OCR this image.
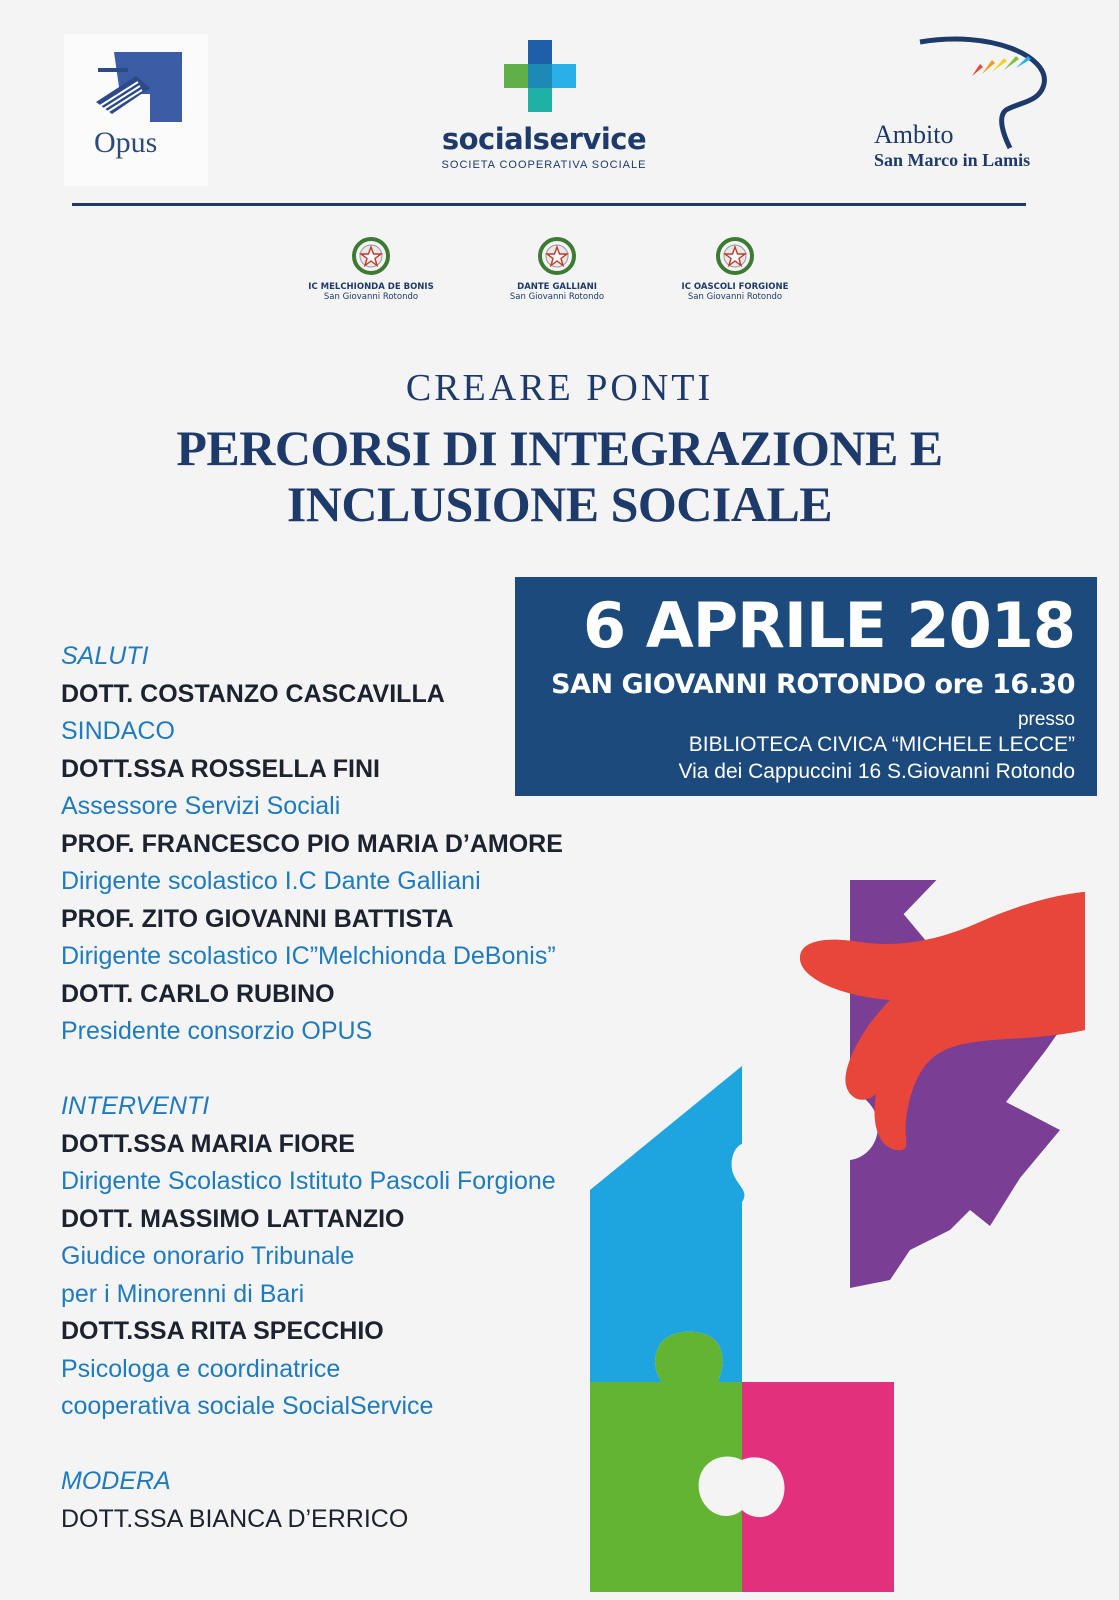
Opus	socialservice
SOCIETA COOPERATIVA SOCIALE
Ambito
San Marco in Lamis
IC MELCHIONDA DE BONIS
San Giovanni Rotondo
DANTE GALLIANI
San Giovanni Rotondo
IC OASCOLI FORGIONE
San Giovanni Rotondo
CREARE PONTI
PERCORSI DI INTEGRAZIONE E
INCLUSIONE SOCIALE
6 APRILE 2018
SAN GIOVANNI ROTONDO ore 16.30
presso
BIBLIOTECA CIVICA “MICHELE LECCE”
Via dei Cappuccini 16 S.Giovanni Rotondo
SALUTI
DOTT. COSTANZO CASCAVILLA
SINDACO
DOTT.SSA ROSSELLA FINI
Assessore Servizi Sociali
PROF. FRANCESCO PIO MARIA D’AMORE
Dirigente scolastico I.C Dante Galliani
PROF. ZITO GIOVANNI BATTISTA
Dirigente scolastico IC”Melchionda DeBonis”
DOTT. CARLO RUBINO
Presidente consorzio OPUS
INTERVENTI
DOTT.SSA MARIA FIORE
Dirigente Scolastico Istituto Pascoli Forgione
DOTT. MASSIMO LATTANZIO
Giudice onorario Tribunale
per i Minorenni di Bari
DOTT.SSA RITA SPECCHIO
Psicologa e coordinatrice
cooperativa sociale SocialService
MODERA
DOTT.SSA BIANCA D’ERRICO
